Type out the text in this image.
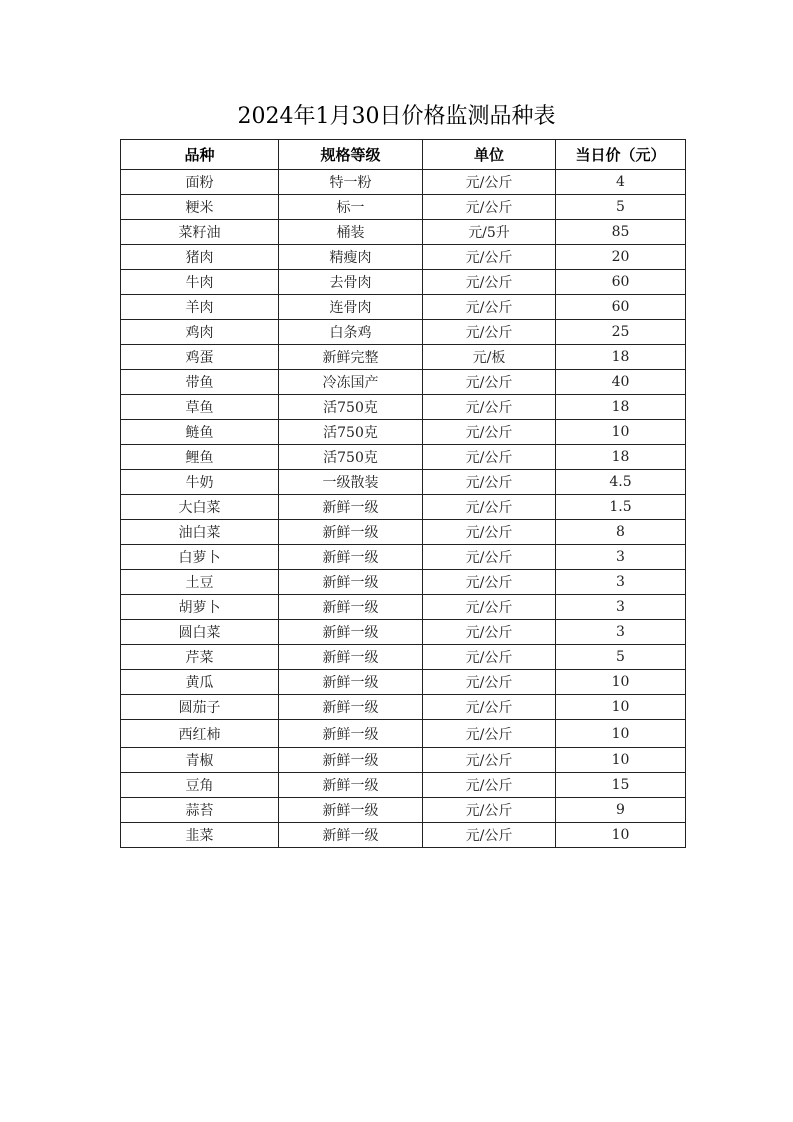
2024年1月30日价格监测品种表
品种	规格等级	单位	当日价（元）
面粉	特一粉	元/公斤	4
粳米	标一	元/公斤	5
菜籽油	桶装	元/5升	85
猪肉	精瘦肉	元/公斤	20
牛肉	去骨肉	元/公斤	60
羊肉	连骨肉	元/公斤	60
鸡肉	白条鸡	元/公斤	25
鸡蛋	新鲜完整	元/板	18
带鱼	冷冻国产	元/公斤	40
草鱼	活750克	元/公斤	18
鲢鱼	活750克	元/公斤	10
鲤鱼	活750克	元/公斤	18
牛奶	一级散装	元/公斤	4.5
大白菜	新鲜一级	元/公斤	1.5
油白菜	新鲜一级	元/公斤	8
白萝卜	新鲜一级	元/公斤	3
土豆	新鲜一级	元/公斤	3
胡萝卜	新鲜一级	元/公斤	3
圆白菜	新鲜一级	元/公斤	3
芹菜	新鲜一级	元/公斤	5
黄瓜	新鲜一级	元/公斤	10
圆茄子	新鲜一级	元/公斤	10
西红柿	新鲜一级	元/公斤	10
青椒	新鲜一级	元/公斤	10
豆角	新鲜一级	元/公斤	15
蒜苔	新鲜一级	元/公斤	9
韭菜	新鲜一级	元/公斤	10
